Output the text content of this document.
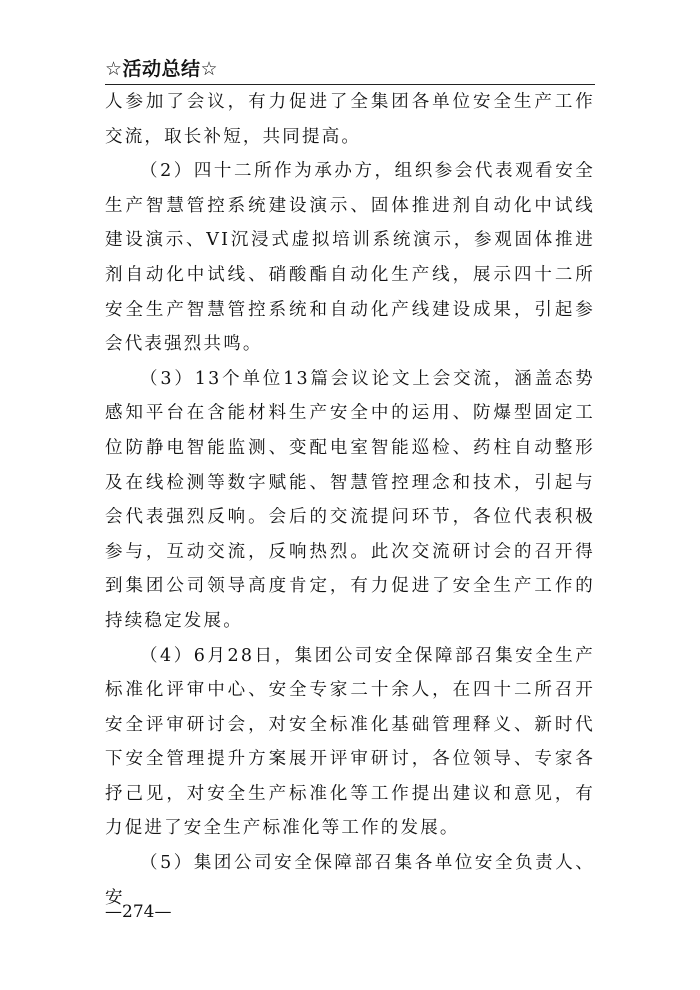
☆活动总结☆

人参加了会议，有力促进了全集团各单位安全生产工作交流，取长补短，共同提高。

（2）四十二所作为承办方，组织参会代表观看安全生产智慧管控系统建设演示、固体推进剂自动化中试线建设演示、VI沉浸式虚拟培训系统演示，参观固体推进剂自动化中试线、硝酸酯自动化生产线，展示四十二所安全生产智慧管控系统和自动化产线建设成果，引起参会代表强烈共鸣。

（3）13个单位13篇会议论文上会交流，涵盖态势感知平台在含能材料生产安全中的运用、防爆型固定工位防静电智能监测、变配电室智能巡检、药柱自动整形及在线检测等数字赋能、智慧管控理念和技术，引起与会代表强烈反响。会后的交流提问环节，各位代表积极参与，互动交流，反响热烈。此次交流研讨会的召开得到集团公司领导高度肯定，有力促进了安全生产工作的持续稳定发展。

（4）6月28日，集团公司安全保障部召集安全生产标准化评审中心、安全专家二十余人，在四十二所召开安全评审研讨会，对安全标准化基础管理释义、新时代下安全管理提升方案展开评审研讨，各位领导、专家各抒己见，对安全生产标准化等工作提出建议和意见，有力促进了安全生产标准化等工作的发展。

（5）集团公司安全保障部召集各单位安全负责人、安

—274—
